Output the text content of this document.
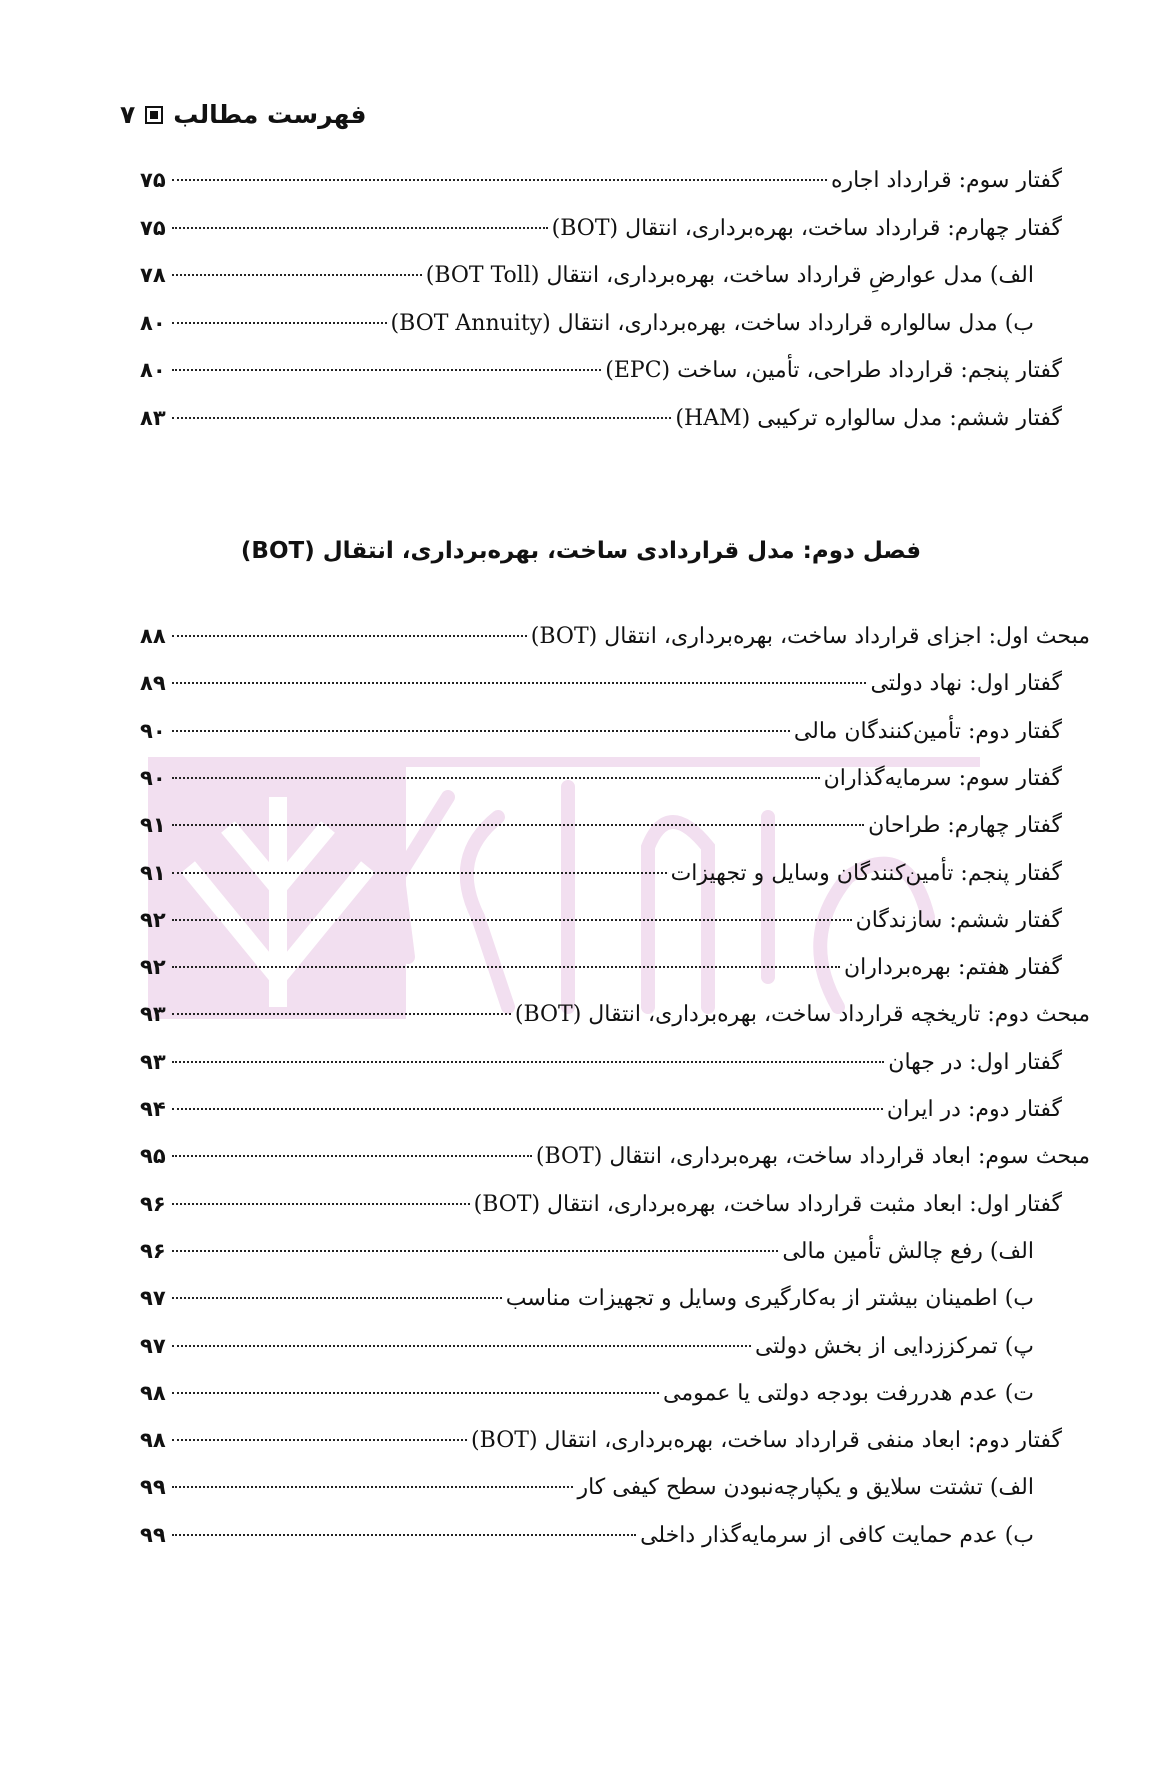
فهرست مطالب
۷
گفتار سوم: قرارداد اجاره
۷۵
گفتار چهارم: قرارداد ساخت، بهره‌برداری، انتقال (BOT)
۷۵
الف) مدل عوارضِ قرارداد ساخت، بهره‌برداری، انتقال (BOT Toll)
۷۸
ب) مدل سالواره قرارداد ساخت، بهره‌برداری، انتقال (BOT Annuity)
۸۰
گفتار پنجم: قرارداد طراحی، تأمین، ساخت (EPC)
۸۰
گفتار ششم: مدل سالواره ترکیبی (HAM)
۸۳
فصل دوم: مدل قراردادی ساخت، بهره‌برداری، انتقال (BOT)
مبحث اول: اجزای قرارداد ساخت، بهره‌برداری، انتقال (BOT)
۸۸
گفتار اول: نهاد دولتی
۸۹
گفتار دوم: تأمین‌کنندگان مالی
۹۰
گفتار سوم: سرمایه‌گذاران
۹۰
گفتار چهارم: طراحان
۹۱
گفتار پنجم: تأمین‌کنندگان وسایل و تجهیزات
۹۱
گفتار ششم: سازندگان
۹۲
گفتار هفتم: بهره‌برداران
۹۲
مبحث دوم: تاریخچه قرارداد ساخت، بهره‌برداری، انتقال (BOT)
۹۳
گفتار اول: در جهان
۹۳
گفتار دوم: در ایران
۹۴
مبحث سوم: ابعاد قرارداد ساخت، بهره‌برداری، انتقال (BOT)
۹۵
گفتار اول: ابعاد مثبت قرارداد ساخت، بهره‌برداری، انتقال (BOT)
۹۶
الف) رفع چالش تأمین مالی
۹۶
ب) اطمینان بیشتر از به‌کارگیری وسایل و تجهیزات مناسب
۹۷
پ) تمرکززدایی از بخش دولتی
۹۷
ت) عدم هدررفت بودجه دولتی یا عمومی
۹۸
گفتار دوم: ابعاد منفی قرارداد ساخت، بهره‌برداری، انتقال (BOT)
۹۸
الف) تشتت سلایق و یکپارچه‌نبودن سطح کیفی کار
۹۹
ب) عدم حمایت کافی از سرمایه‌گذار داخلی
۹۹
